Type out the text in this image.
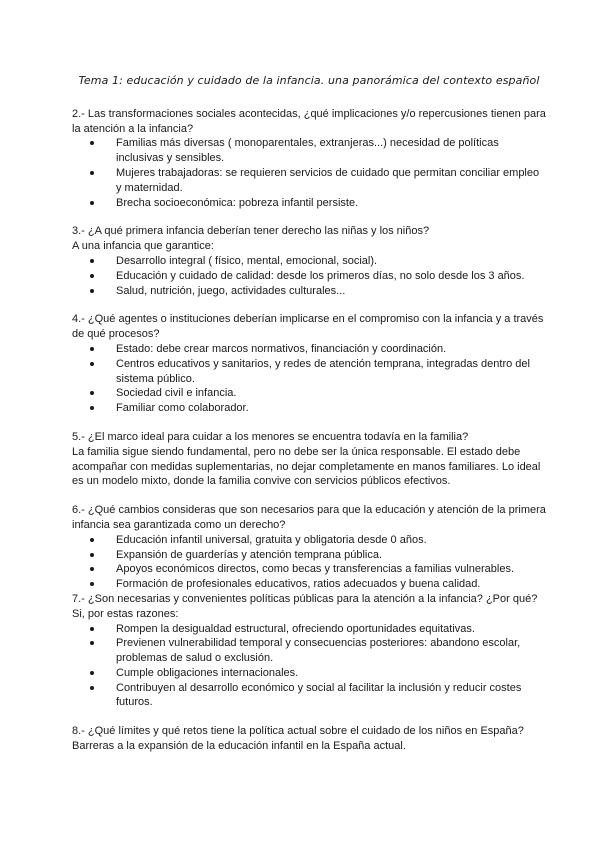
Tema 1: educación y cuidado de la infancia. una panorámica del contexto español

2.- Las transformaciones sociales acontecidas, ¿qué implicaciones y/o repercusiones tienen para la atención a la infancia?

Familias más diversas ( monoparentales, extranjeras...) necesidad de políticas inclusivas y sensibles.
Mujeres trabajadoras: se requieren servicios de cuidado que permitan conciliar empleo y maternidad.
Brecha socioeconómica: pobreza infantil persiste.

3.- ¿A qué primera infancia deberían tener derecho las niñas y los niños?

A una infancia que garantice:

Desarrollo integral ( físico, mental, emocional, social).
Educación y cuidado de calidad: desde los primeros días, no solo desde los 3 años.
Salud, nutrición, juego, actividades culturales...

4.- ¿Qué agentes o instituciones deberían implicarse en el compromiso con la infancia y a través de qué procesos?

Estado: debe crear marcos normativos, financiación y coordinación.
Centros educativos y sanitarios, y redes de atención temprana, integradas dentro del sistema público.
Sociedad civil e infancia.
Familiar como colaborador.

5.- ¿El marco ideal para cuidar a los menores se encuentra todavía en la familia?

La familia sigue siendo fundamental, pero no debe ser la única responsable. El estado debe acompañar con medidas suplementarias, no dejar completamente en manos familiares. Lo ideal es un modelo mixto, donde la familia convive con servicios públicos efectivos.

6.- ¿Qué cambios consideras que son necesarios para que la educación y atención de la primera infancia sea garantizada como un derecho?

Educación infantil universal, gratuita y obligatoria desde 0 años.
Expansión de guarderías y atención temprana pública.
Apoyos económicos directos, como becas y transferencias a familias vulnerables.
Formación de profesionales educativos, ratios adecuados y buena calidad.

7.- ¿Son necesarias y convenientes políticas públicas para la atención a la infancia? ¿Por qué?

Si, por estas razones:

Rompen la desigualdad estructural, ofreciendo oportunidades equitativas.
Previenen vulnerabilidad temporal y consecuencias posteriores: abandono escolar, problemas de salud o exclusión.
Cumple obligaciones internacionales.
Contribuyen al desarrollo económico y social al facilitar la inclusión y reducir costes futuros.

8.- ¿Qué límites y qué retos tiene la política actual sobre el cuidado de los niños en España? Barreras a la expansión de la educación infantil en la España actual.
